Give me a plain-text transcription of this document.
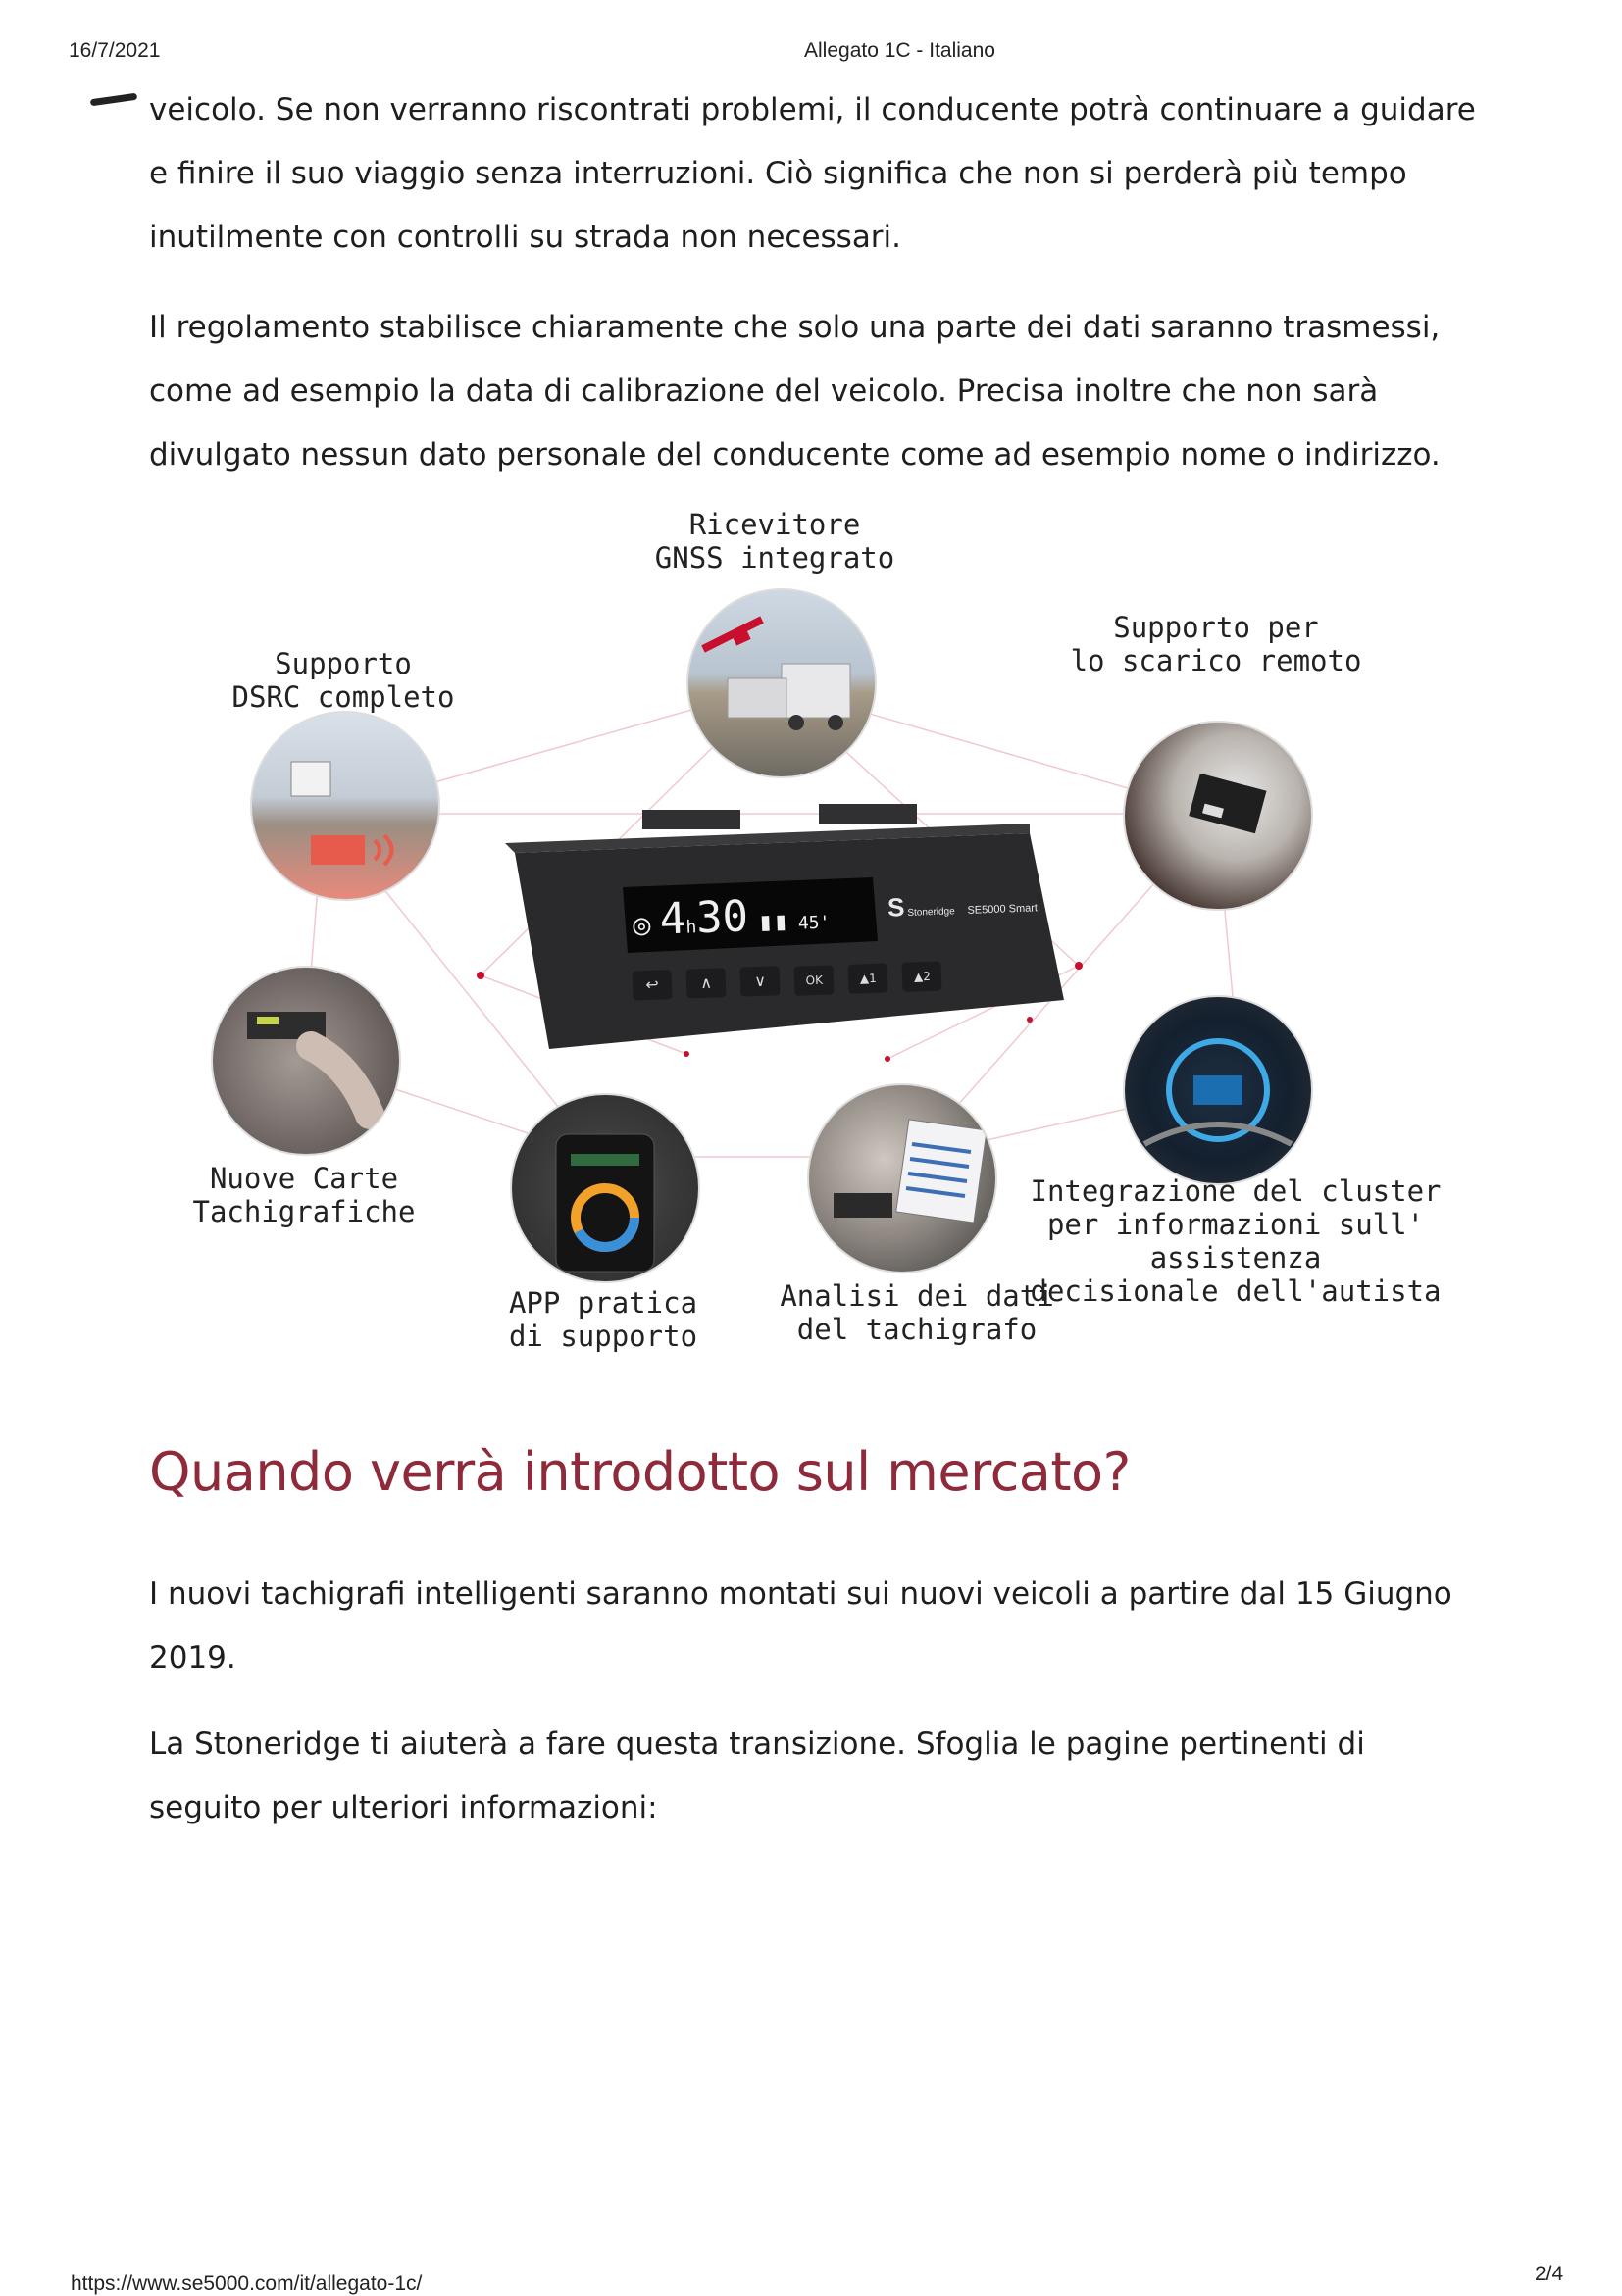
16/7/2021	Allegato 1C - Italiano

veicolo. Se non verranno riscontrati problemi, il conducente potrà continuare a guidare e finire il suo viaggio senza interruzioni. Ciò significa che non si perderà più tempo inutilmente con controlli su strada non necessari.

Il regolamento stabilisce chiaramente che solo una parte dei dati saranno trasmessi, come ad esempio la data di calibrazione del veicolo. Precisa inoltre che non sarà divulgato nessun dato personale del conducente come ad esempio nome o indirizzo.

◎ 4h30 ▮▮ 45'
S Stoneridge SE5000 Smart
↩	∧	∨	OK	▲1	▲2
Ricevitore
GNSS integrato
Supporto per
lo scarico remoto
Supporto
DSRC completo
Nuove Carte
Tachigrafiche
APP pratica
di supporto
Analisi dei dati
del tachigrafo
Integrazione del cluster
per informazioni sull' assistenza
decisionale dell'autista
Quando verrà introdotto sul mercato?

I nuovi tachigrafi intelligenti saranno montati sui nuovi veicoli a partire dal 15 Giugno 2019.

La Stoneridge ti aiuterà a fare questa transizione. Sfoglia le pagine pertinenti di seguito per ulteriori informazioni:

https://www.se5000.com/it/allegato-1c/	2/4
